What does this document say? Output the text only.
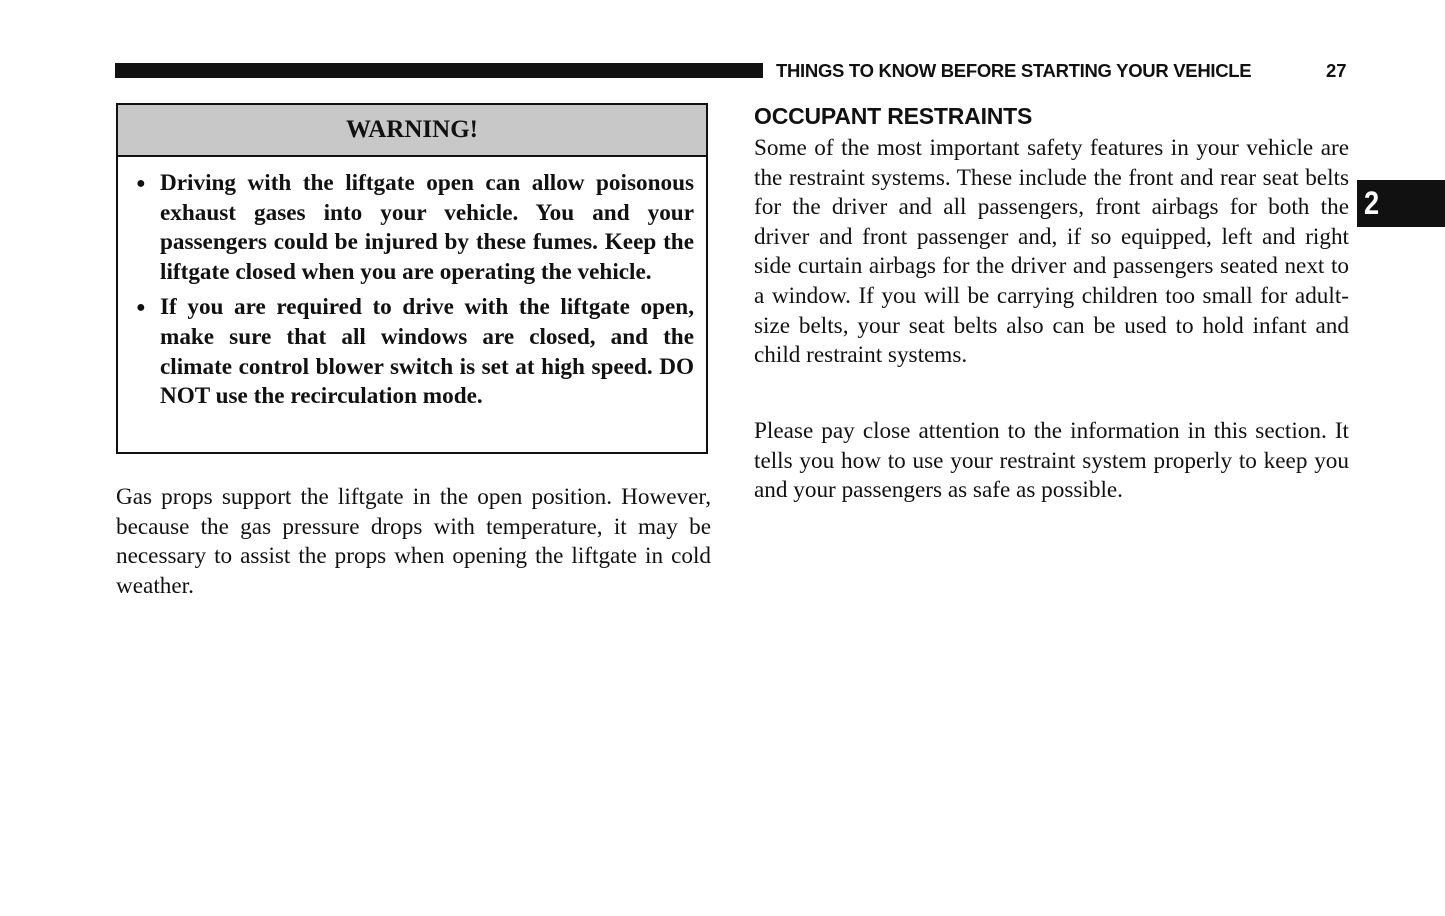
THINGS TO KNOW BEFORE STARTING YOUR VEHICLE	27
WARNING!
● Driving with the liftgate open can allow poisonous exhaust gases into your vehicle. You and your passengers could be injured by these fumes. Keep the liftgate closed when you are operating the vehicle.
● If you are required to drive with the liftgate open, make sure that all windows are closed, and the climate control blower switch is set at high speed. DO NOT use the recirculation mode.

Gas props support the liftgate in the open position. However, because the gas pressure drops with temperature, it may be necessary to assist the props when opening the liftgate in cold weather.

OCCUPANT RESTRAINTS

Some of the most important safety features in your vehicle are the restraint systems. These include the front and rear seat belts for the driver and all passengers, front airbags for both the driver and front passenger and, if so equipped, left and right side curtain airbags for the driver and passengers seated next to a window. If you will be carrying children too small for adult-size belts, your seat belts also can be used to hold infant and child restraint systems.

Please pay close attention to the information in this section. It tells you how to use your restraint system properly to keep you and your passengers as safe as possible.

2
